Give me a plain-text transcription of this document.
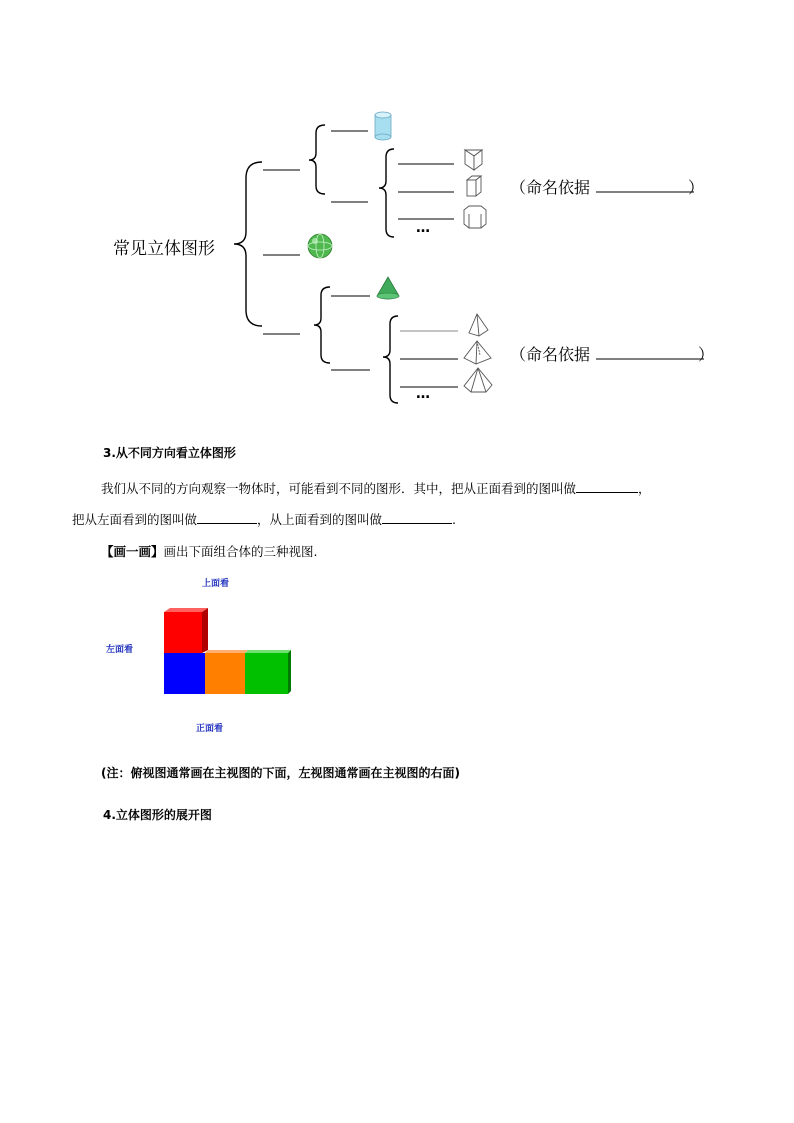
常见立体图形
（命名依据	）
（命名依据	）
…
…
3.从不同方向看立体图形
我们从不同的方向观察一物体时，可能看到不同的图形．其中，把从正面看到的图叫做	，
把从左面看到的图叫做	，从上面看到的图叫做	.
【画一画】画出下面组合体的三种视图.
上面看
左面看
正面看
(注：俯视图通常画在主视图的下面，左视图通常画在主视图的右面)
4.立体图形的展开图
